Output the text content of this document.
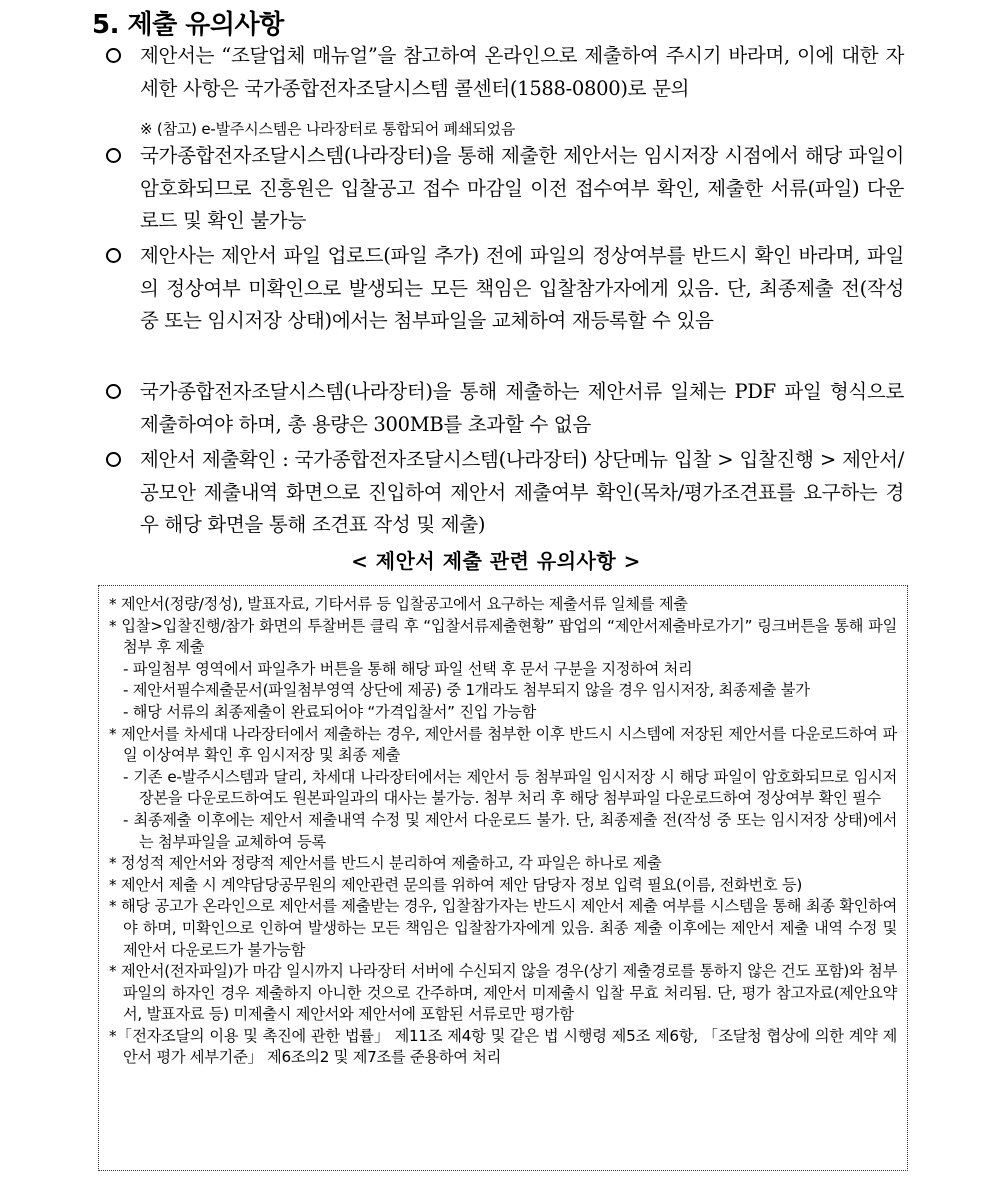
5. 제출 유의사항
제안서는 “조달업체 매뉴얼”을 참고하여 온라인으로 제출하여 주시기 바라며, 이에 대한 자세한 사항은 국가종합전자조달시스템 콜센터(1588-0800)로 문의
※ (참고) e-발주시스템은 나라장터로 통합되어 폐쇄되었음
국가종합전자조달시스템(나라장터)을 통해 제출한 제안서는 임시저장 시점에서 해당 파일이 암호화되므로 진흥원은 입찰공고 접수 마감일 이전 접수여부 확인, 제출한 서류(파일) 다운로드 및 확인 불가능
제안사는 제안서 파일 업로드(파일 추가) 전에 파일의 정상여부를 반드시 확인 바라며, 파일의 정상여부 미확인으로 발생되는 모든 책임은 입찰참가자에게 있음. 단, 최종제출 전(작성 중 또는 임시저장 상태)에서는 첨부파일을 교체하여 재등록할 수 있음
국가종합전자조달시스템(나라장터)을 통해 제출하는 제안서류 일체는 PDF 파일 형식으로 제출하여야 하며, 총 용량은 300MB를 초과할 수 없음
제안서 제출확인 : 국가종합전자조달시스템(나라장터) 상단메뉴 입찰 > 입찰진행 > 제안서/공모안 제출내역 화면으로 진입하여 제안서 제출여부 확인(목차/평가조견표를 요구하는 경우 해당 화면을 통해 조견표 작성 및 제출)
< 제안서 제출 관련 유의사항 >
* 제안서(정량/정성), 발표자료, 기타서류 등 입찰공고에서 요구하는 제출서류 일체를 제출
* 입찰>입찰진행/참가 화면의 투찰버튼 클릭 후 “입찰서류제출현황” 팝업의 “제안서제출바로가기” 링크버튼을 통해 파일 첨부 후 제출
- 파일첨부 영역에서 파일추가 버튼을 통해 해당 파일 선택 후 문서 구분을 지정하여 처리
- 제안서필수제출문서(파일첨부영역 상단에 제공) 중 1개라도 첨부되지 않을 경우 임시저장, 최종제출 불가
- 해당 서류의 최종제출이 완료되어야 “가격입찰서” 진입 가능함
* 제안서를 차세대 나라장터에서 제출하는 경우, 제안서를 첨부한 이후 반드시 시스템에 저장된 제안서를 다운로드하여 파일 이상여부 확인 후 임시저장 및 최종 제출
- 기존 e-발주시스템과 달리, 차세대 나라장터에서는 제안서 등 첨부파일 임시저장 시 해당 파일이 암호화되므로 임시저장본을 다운로드하여도 원본파일과의 대사는 불가능. 첨부 처리 후 해당 첨부파일 다운로드하여 정상여부 확인 필수
- 최종제출 이후에는 제안서 제출내역 수정 및 제안서 다운로드 불가. 단, 최종제출 전(작성 중 또는 임시저장 상태)에서는 첨부파일을 교체하여 등록
* 정성적 제안서와 정량적 제안서를 반드시 분리하여 제출하고, 각 파일은 하나로 제출
* 제안서 제출 시 계약담당공무원의 제안관련 문의를 위하여 제안 담당자 정보 입력 필요(이름, 전화번호 등)
* 해당 공고가 온라인으로 제안서를 제출받는 경우, 입찰참가자는 반드시 제안서 제출 여부를 시스템을 통해 최종 확인하여야 하며, 미확인으로 인하여 발생하는 모든 책임은 입찰참가자에게 있음. 최종 제출 이후에는 제안서 제출 내역 수정 및 제안서 다운로드가 불가능함
* 제안서(전자파일)가 마감 일시까지 나라장터 서버에 수신되지 않을 경우(상기 제출경로를 통하지 않은 건도 포함)와 첨부파일의 하자인 경우 제출하지 아니한 것으로 간주하며, 제안서 미제출시 입찰 무효 처리됨. 단, 평가 참고자료(제안요약서, 발표자료 등) 미제출시 제안서와 제안서에 포함된 서류로만 평가함
*「전자조달의 이용 및 촉진에 관한 법률」 제11조 제4항 및 같은 법 시행령 제5조 제6항, 「조달청 협상에 의한 계약 제안서 평가 세부기준」 제6조의2 및 제7조를 준용하여 처리
